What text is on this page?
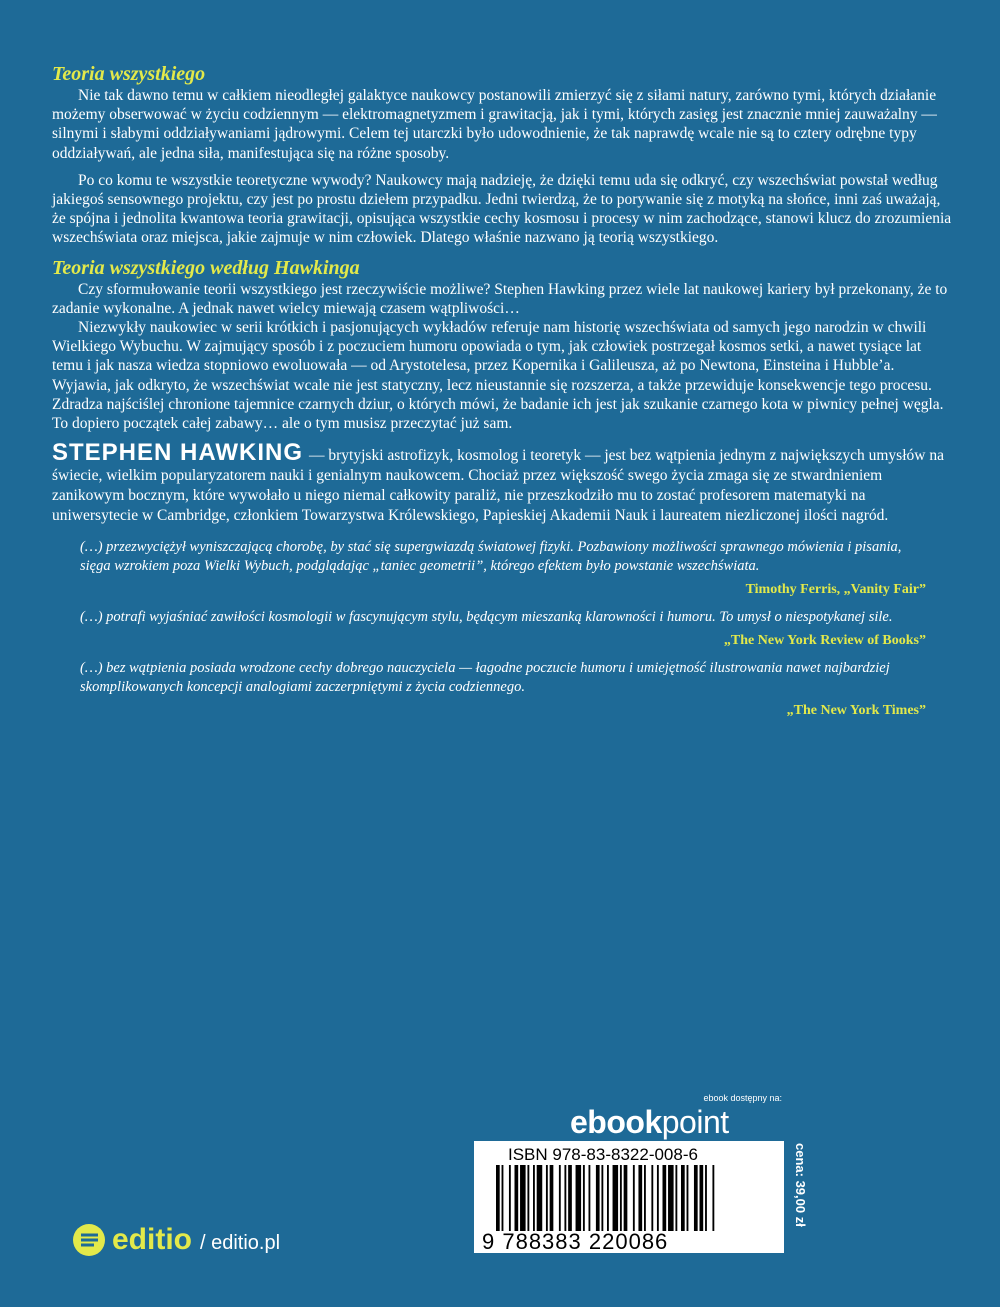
Teoria wszystkiego

Nie tak dawno temu w całkiem nieodległej galaktyce naukowcy postanowili zmierzyć się z siłami natury, zarówno tymi, których działanie możemy obserwować w życiu codziennym — elektromagnetyzmem i grawitacją, jak i tymi, których zasięg jest znacznie mniej zauważalny — silnymi i słabymi oddziaływaniami jądrowymi. Celem tej utarczki było udowodnienie, że tak naprawdę wcale nie są to cztery odrębne typy oddziaływań, ale jedna siła, manifestująca się na różne sposoby.

Po co komu te wszystkie teoretyczne wywody? Naukowcy mają nadzieję, że dzięki temu uda się odkryć, czy wszechświat powstał według jakiegoś sensownego projektu, czy jest po prostu dziełem przypadku. Jedni twierdzą, że to porywanie się z motyką na słońce, inni zaś uważają, że spójna i jednolita kwantowa teoria grawitacji, opisująca wszystkie cechy kosmosu i procesy w nim zachodzące, stanowi klucz do zrozumienia wszechświata oraz miejsca, jakie zajmuje w nim człowiek. Dlatego właśnie nazwano ją teorią wszystkiego.

Teoria wszystkiego według Hawkinga

Czy sformułowanie teorii wszystkiego jest rzeczywiście możliwe? Stephen Hawking przez wiele lat naukowej kariery był przekonany, że to zadanie wykonalne. A jednak nawet wielcy miewają czasem wątpliwości…

Niezwykły naukowiec w serii krótkich i pasjonujących wykładów referuje nam historię wszechświata od samych jego narodzin w chwili Wielkiego Wybuchu. W zajmujący sposób i z poczuciem humoru opowiada o tym, jak człowiek postrzegał kosmos setki, a nawet tysiące lat temu i jak nasza wiedza stopniowo ewoluowała — od Arystotelesa, przez Kopernika i Galileusza, aż po Newtona, Einsteina i Hubble’a. Wyjawia, jak odkryto, że wszechświat wcale nie jest statyczny, lecz nieustannie się rozszerza, a także przewiduje konsekwencje tego procesu. Zdradza najściślej chronione tajemnice czarnych dziur, o których mówi, że badanie ich jest jak szukanie czarnego kota w piwnicy pełnej węgla. To dopiero początek całej zabawy… ale o tym musisz przeczytać już sam.

STEPHEN HAWKING — brytyjski astrofizyk, kosmolog i teoretyk — jest bez wątpienia jednym z największych umysłów na świecie, wielkim popularyzatorem nauki i genialnym naukowcem. Chociaż przez większość swego życia zmaga się ze stwardnieniem zanikowym bocznym, które wywołało u niego niemal całkowity paraliż, nie przeszkodziło mu to zostać profesorem matematyki na uniwersytecie w Cambridge, członkiem Towarzystwa Królewskiego, Papieskiej Akademii Nauk i laureatem niezliczonej ilości nagród.

(…) przezwyciężył wyniszczającą chorobę, by stać się supergwiazdą światowej fizyki. Pozbawiony możliwości sprawnego mówienia i pisania, sięga wzrokiem poza Wielki Wybuch, podglądając „taniec geometrii”, którego efektem było powstanie wszechświata.

Timothy Ferris, „Vanity Fair”

(…) potrafi wyjaśniać zawiłości kosmologii w fascynującym stylu, będącym mieszanką klarowności i humoru. To umysł o niespotykanej sile.

„The New York Review of Books”

(…) bez wątpienia posiada wrodzone cechy dobrego nauczyciela — łagodne poczucie humoru i umiejętność ilustrowania nawet najbardziej skomplikowanych koncepcji analogiami zaczerpniętymi z życia codziennego.

„The New York Times”

ebook dostępny na:
ebookpoint
ISBN 978-83-8322-008-6
9 788383 220086
cena: 39,00 zł
editio / editio.pl
